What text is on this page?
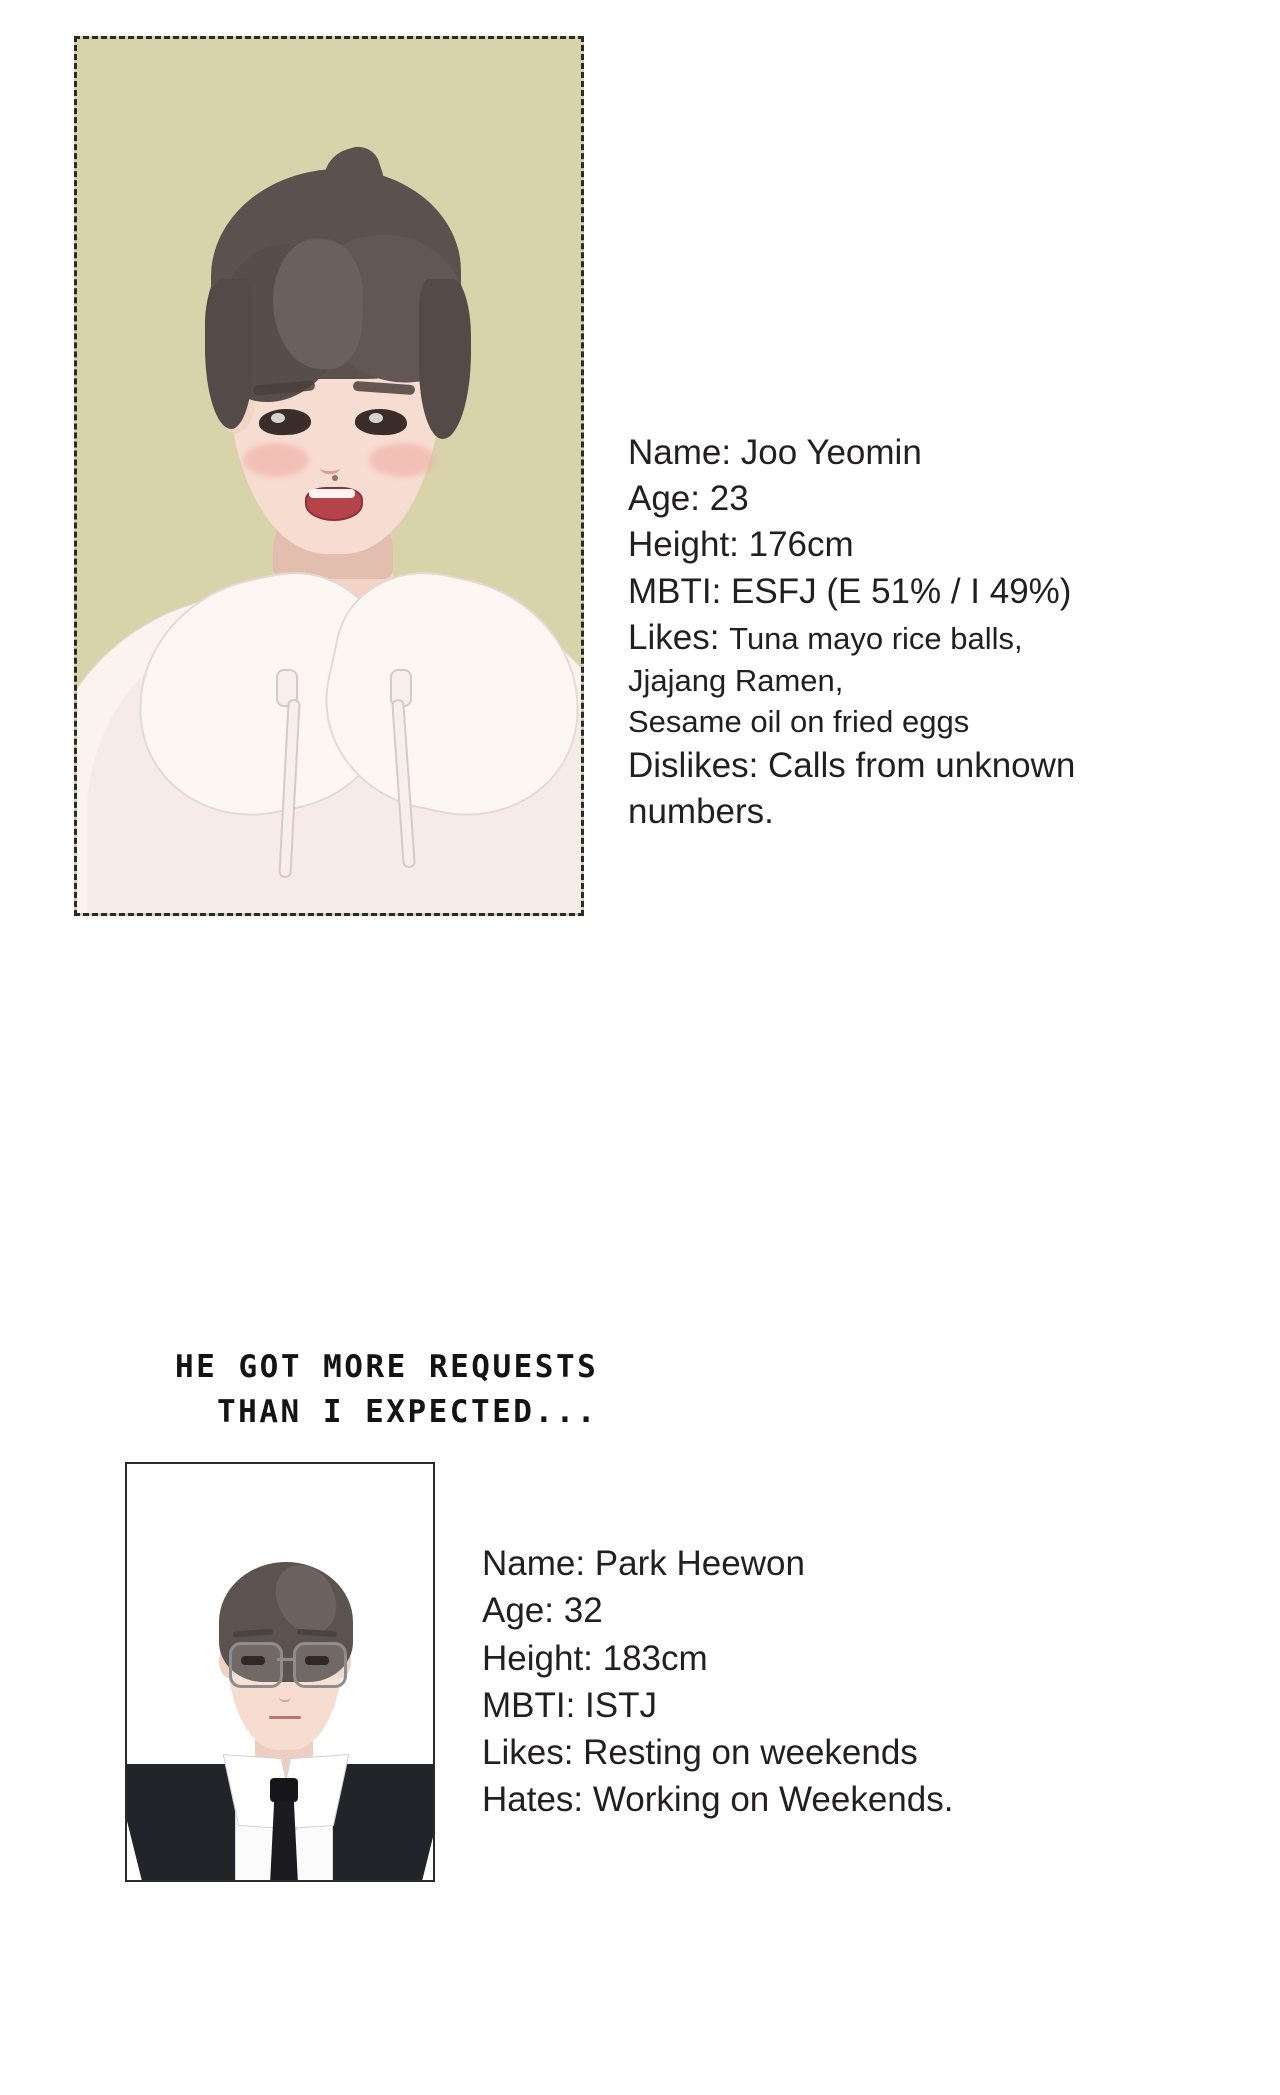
Name: Joo Yeomin
Age: 23
Height: 176cm
MBTI: ESFJ (E 51% / I 49%)
Likes: Tuna mayo rice balls,
Jjajang Ramen,
Sesame oil on fried eggs
Dislikes: Calls from unknown
numbers.
HE GOT MORE REQUESTS
THAN I EXPECTED...
Name: Park Heewon
Age: 32
Height: 183cm
MBTI: ISTJ
Likes: Resting on weekends
Hates: Working on Weekends.
